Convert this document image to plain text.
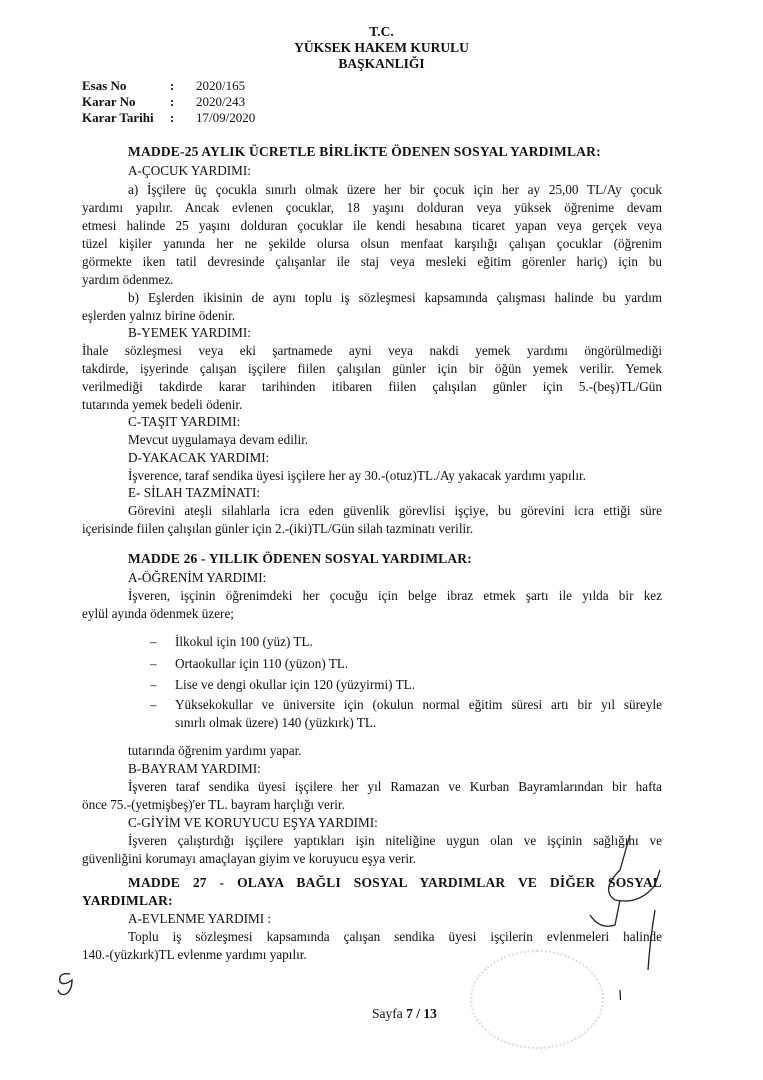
T.C.
YÜKSEK HAKEM KURULU
BAŞKANLIĞI
Esas No	: 2020/165
Karar No	: 2020/243
Karar Tarihi : 17/09/2020
MADDE-25 AYLIK ÜCRETLE BİRLİKTE ÖDENEN SOSYAL YARDIMLAR:
A-ÇOCUK YARDIMI:
a) İşçilere üç çocukla sınırlı olmak üzere her bir çocuk için her ay 25,00 TL/Ay çocuk
yardımı yapılır. Ancak evlenen çocuklar, 18 yaşını dolduran veya yüksek öğrenime devam
etmesi halinde 25 yaşını dolduran çocuklar ile kendi hesabına ticaret yapan veya gerçek veya
tüzel kişiler yanında her ne şekilde olursa olsun menfaat karşılığı çalışan çocuklar (öğrenim
görmekte iken tatil devresinde çalışanlar ile staj veya mesleki eğitim görenler hariç) için bu
yardım ödenmez.
b) Eşlerden ikisinin de aynı toplu iş sözleşmesi kapsamında çalışması halinde bu yardım
eşlerden yalnız birine ödenir.
B-YEMEK YARDIMI:
İhale sözleşmesi veya eki şartnamede ayni veya nakdi yemek yardımı öngörülmediği
takdirde, işyerinde çalışan işçilere fiilen çalışılan günler için bir öğün yemek verilir. Yemek
verilmediği takdirde karar tarihinden itibaren fiilen çalışılan günler için 5.-(beş)TL/Gün
tutarında yemek bedeli ödenir.
C-TAŞIT YARDIMI:
Mevcut uygulamaya devam edilir.
D-YAKACAK YARDIMI:
İşverence, taraf sendika üyesi işçilere her ay 30.-(otuz)TL./Ay yakacak yardımı yapılır.
E- SİLAH TAZMİNATI:
Görevini ateşli silahlarla icra eden güvenlik görevlisi işçiye, bu görevini icra ettiği süre
içerisinde fiilen çalışılan günler için 2.-(iki)TL/Gün silah tazminatı verilir.
MADDE 26 - YILLIK ÖDENEN SOSYAL YARDIMLAR:
A-ÖĞRENİM YARDIMI:
İşveren, işçinin öğrenimdeki her çocuğu için belge ibraz etmek şartı ile yılda bir kez
eylül ayında ödenmek üzere;
– İlkokul için 100 (yüz) TL.
– Ortaokullar için 110 (yüzon) TL.
– Lise ve dengi okullar için 120 (yüzyirmi) TL.
– Yüksekokullar ve üniversite için (okulun normal eğitim süresi artı bir yıl süreyle
sınırlı olmak üzere) 140 (yüzkırk) TL.
tutarında öğrenim yardımı yapar.
B-BAYRAM YARDIMI:
İşveren taraf sendika üyesi işçilere her yıl Ramazan ve Kurban Bayramlarından bir hafta
önce 75.-(yetmişbeş)'er TL. bayram harçlığı verir.
C-GİYİM VE KORUYUCU EŞYA YARDIMI:
İşveren çalıştırdığı işçilere yaptıkları işin niteliğine uygun olan ve işçinin sağlığını ve
güvenliğini korumayı amaçlayan giyim ve koruyucu eşya verir.
MADDE 27 - OLAYA BAĞLI SOSYAL YARDIMLAR VE DİĞER SOSYAL
YARDIMLAR:
A-EVLENME YARDIMI :
Toplu iş sözleşmesi kapsamında çalışan sendika üyesi işçilerin evlenmeleri halinde
140.-(yüzkırk)TL evlenme yardımı yapılır.
Sayfa 7 / 13
